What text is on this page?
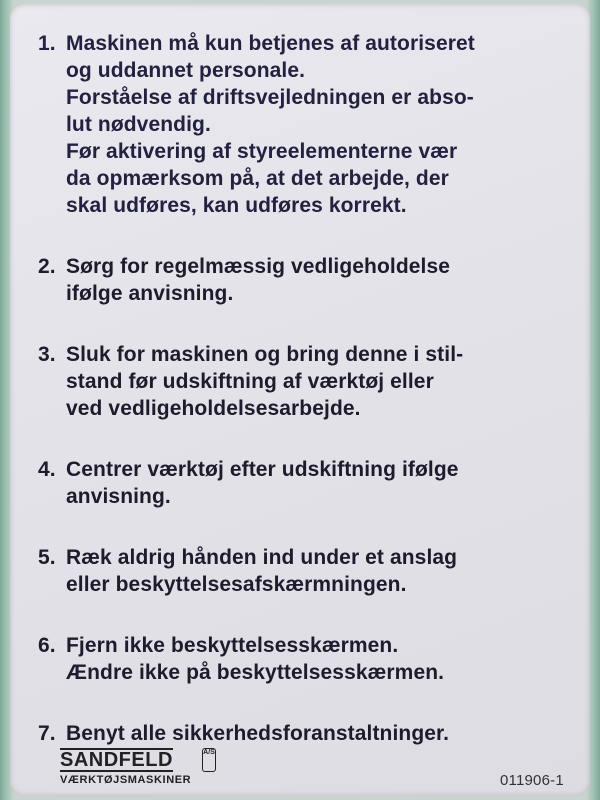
1. Maskinen må kun betjenes af autoriseret
og uddannet personale.
Forståelse af driftsvejledningen er abso-
lut nødvendig.
Før aktivering af styreelementerne vær
da opmærksom på, at det arbejde, der
skal udføres, kan udføres korrekt.
2. Sørg for regelmæssig vedligeholdelse
ifølge anvisning.
3. Sluk for maskinen og bring denne i stil-
stand før udskiftning af værktøj eller
ved vedligeholdelsesarbejde.
4. Centrer værktøj efter udskiftning ifølge
anvisning.
5. Ræk aldrig hånden ind under et anslag
eller beskyttelsesafskærmningen.
6. Fjern ikke beskyttelsesskærmen.
Ændre ikke på beskyttelsesskærmen.
7. Benyt alle sikkerhedsforanstaltninger.
SANDFELD	A/S
VÆRKTØJSMASKINER	011906-1
